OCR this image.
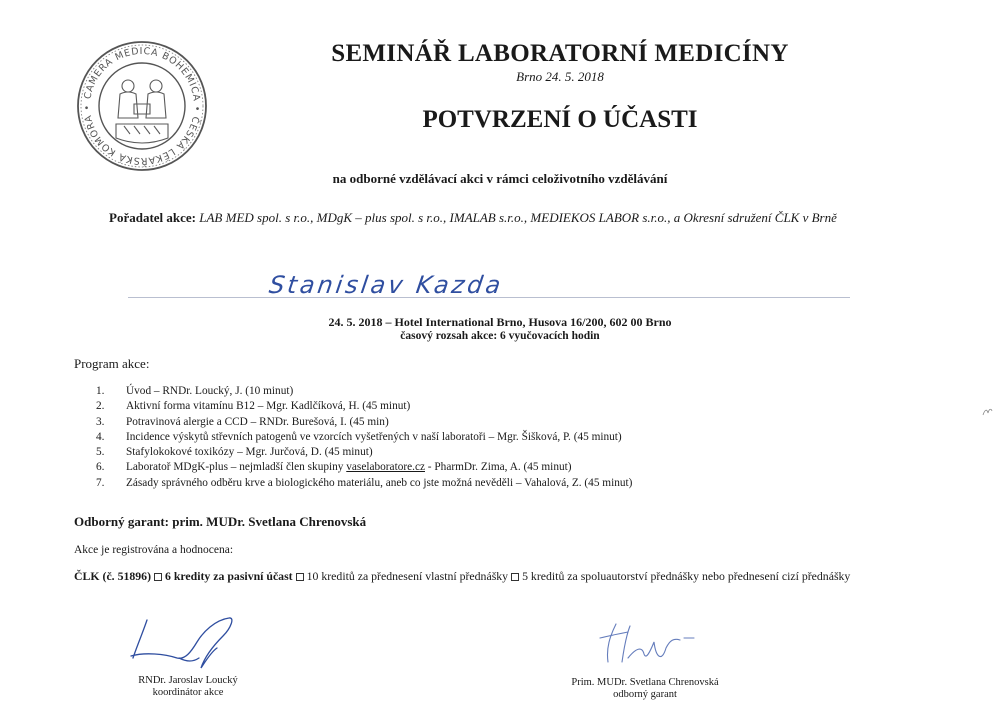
CAMERA MEDICA BOHEMICA • ČESKÁ LÉKAŘSKÁ KOMORA •
SEMINÁŘ LABORATORNÍ MEDICÍNY
Brno 24. 5. 2018
POTVRZENÍ O ÚČASTI
na odborné vzdělávací akci v rámci celoživotního vzdělávání
Pořadatel akce: LAB MED spol. s r.o., MDgK – plus spol. s r.o., IMALAB s.r.o., MEDIEKOS LABOR s.r.o., a Okresní sdružení ČLK v Brně
Stanislav Kazda
24. 5. 2018 – Hotel International Brno, Husova 16/200, 602 00 Brno
časový rozsah akce: 6 vyučovacích hodin
Program akce:
1.	Úvod – RNDr. Loucký, J. (10 minut)
2.	Aktivní forma vitamínu B12 – Mgr. Kadlčíková, H. (45 minut)
3.	Potravinová alergie a CCD – RNDr. Burešová, I. (45 min)
4.	Incidence výskytů střevních patogenů ve vzorcích vyšetřených v naší laboratoři – Mgr. Šišková, P. (45 minut)
5.	Stafylokokové toxikózy – Mgr. Jurčová, D. (45 minut)
6.	Laboratoř MDgK-plus – nejmladší člen skupiny vaselaboratore.cz - PharmDr. Zima, A. (45 minut)
7.	Zásady správného odběru krve a biologického materiálu, aneb co jste možná nevěděli – Vahalová, Z. (45 minut)
Odborný garant: prim. MUDr. Svetlana Chrenovská
Akce je registrována a hodnocena:
ČLK (č. 51896) 6 kredity za pasivní účast 10 kreditů za přednesení vlastní přednášky 5 kreditů za spoluautorství přednášky nebo přednesení cizí přednášky
RNDr. Jaroslav Loucký
koordinátor akce
Prim. MUDr. Svetlana Chrenovská
odborný garant
